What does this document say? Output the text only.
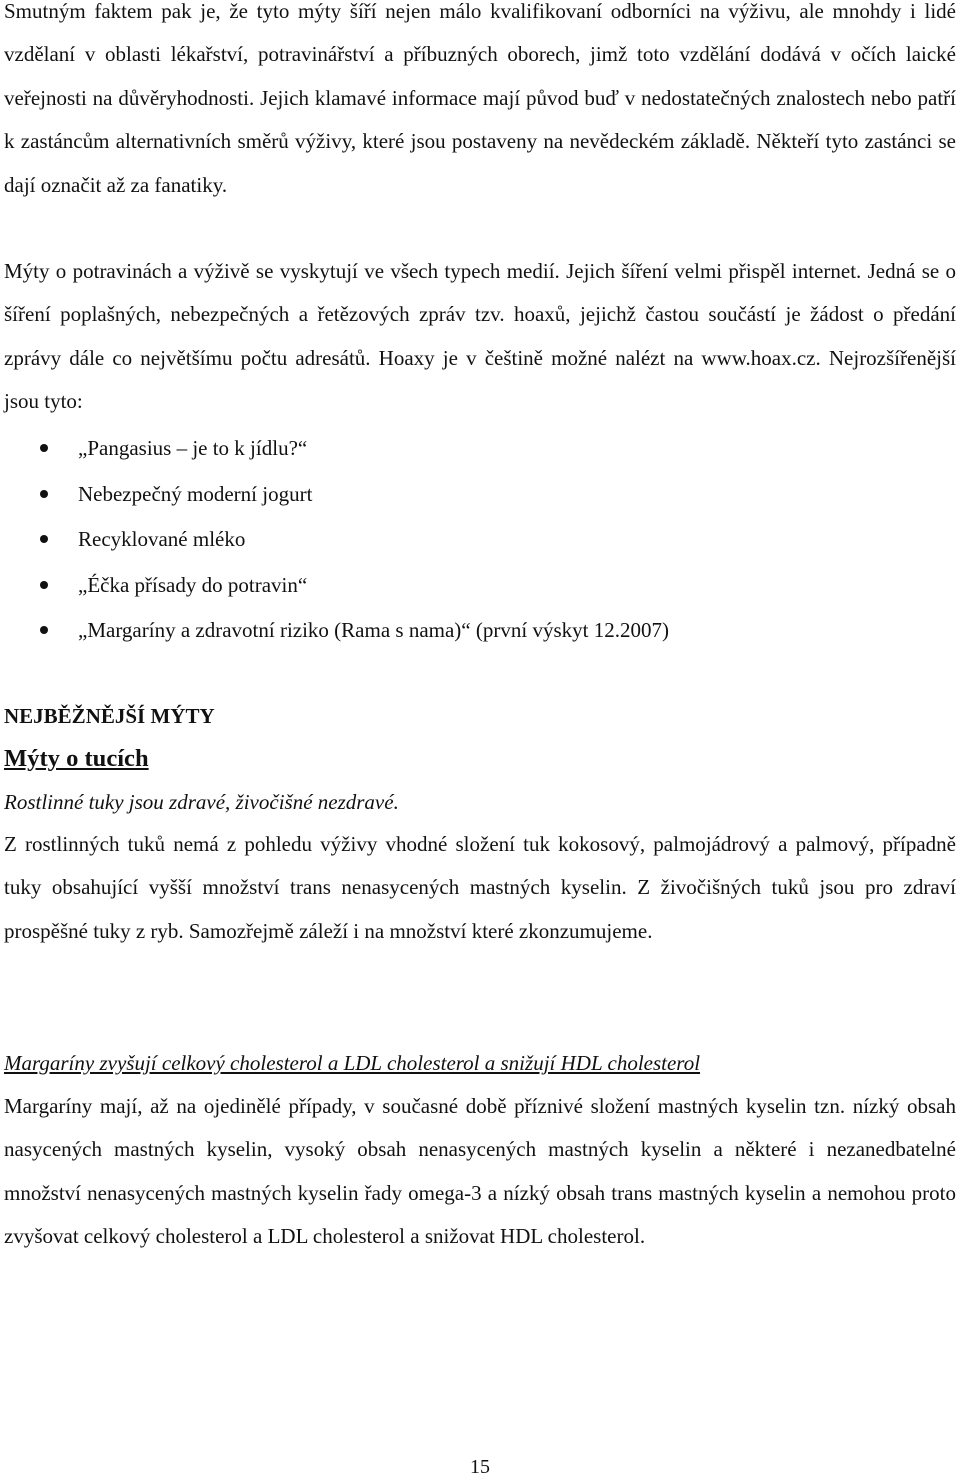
Smutným faktem pak je, že tyto mýty šíří nejen málo kvalifikovaní odborníci na výživu, ale mnohdy i lidé vzdělaní v oblasti lékařství, potravinářství a příbuzných oborech, jimž toto vzdělání dodává v očích laické veřejnosti na důvěryhodnosti. Jejich klamavé informace mají původ buď v nedostatečných znalostech nebo patří k zastáncům alternativních směrů výživy, které jsou postaveny na nevědeckém základě. Někteří tyto zastánci se dají označit až za fanatiky.

Mýty o potravinách a výživě se vyskytují ve všech typech medií. Jejich šíření velmi přispěl internet. Jedná se o šíření poplašných, nebezpečných a řetězových zpráv tzv. hoaxů, jejichž častou součástí je žádost o předání zprávy dále co největšímu počtu adresátů. Hoaxy je v češtině možné nalézt na www.hoax.cz. Nejrozšířenější jsou tyto:

„Pangasius – je to k jídlu?“
Nebezpečný moderní jogurt
Recyklované mléko
„Éčka přísady do potravin“
„Margaríny a zdravotní riziko (Rama s nama)“ (první výskyt 12.2007)
NEJBĚŽNĚJŠÍ MÝTY
Mýty o tucích

Rostlinné tuky jsou zdravé, živočišné nezdravé.

Z rostlinných tuků nemá z pohledu výživy vhodné složení tuk kokosový, palmojádrový a palmový, případně tuky obsahující vyšší množství trans nenasycených mastných kyselin. Z živočišných tuků jsou pro zdraví prospěšné tuky z ryb. Samozřejmě záleží i na množství které zkonzumujeme.

Margaríny zvyšují celkový cholesterol a LDL cholesterol a snižují HDL cholesterol

Margaríny mají, až na ojedinělé případy, v současné době příznivé složení mastných kyselin tzn. nízký obsah nasycených mastných kyselin, vysoký obsah nenasycených mastných kyselin a některé i nezanedbatelné množství nenasycených mastných kyselin řady omega-3 a nízký obsah trans mastných kyselin a nemohou proto zvyšovat celkový cholesterol a LDL cholesterol a snižovat HDL cholesterol.

15
